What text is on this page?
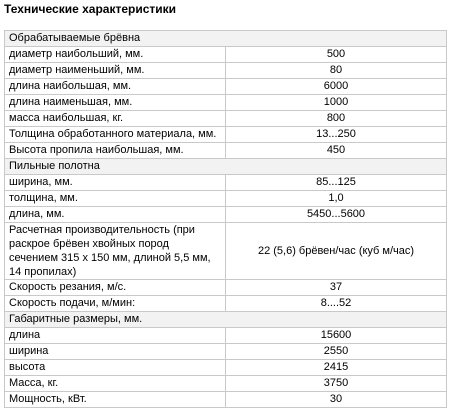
Технические характеристики
Обрабатываемые брёвна	
диаметр наибольший, мм.	500
диаметр наименьший, мм.	80
длина наибольшая, мм.	6000
длина наименьшая, мм.	1000
масса наибольшая, кг.	800
Толщина обработанного материала, мм.	13...250
Высота пропила наибольшая, мм.	450
Пильные полотна	
ширина, мм.	85...125
толщина, мм.	1,0
длина, мм.	5450...5600
Расчетная производительность (при раскрое брёвен хвойных пород сечением 315 х 150 мм, длиной 5,5 мм, 14 пропилах)	22 (5,6) брёвен/час (куб м/час)
Скорость резания, м/с.	37
Скорость подачи, м/мин:	8....52
Габаритные размеры, мм.	
длина	15600
ширина	2550
высота	2415
Масса, кг.	3750
Мощность, кВт.	30
